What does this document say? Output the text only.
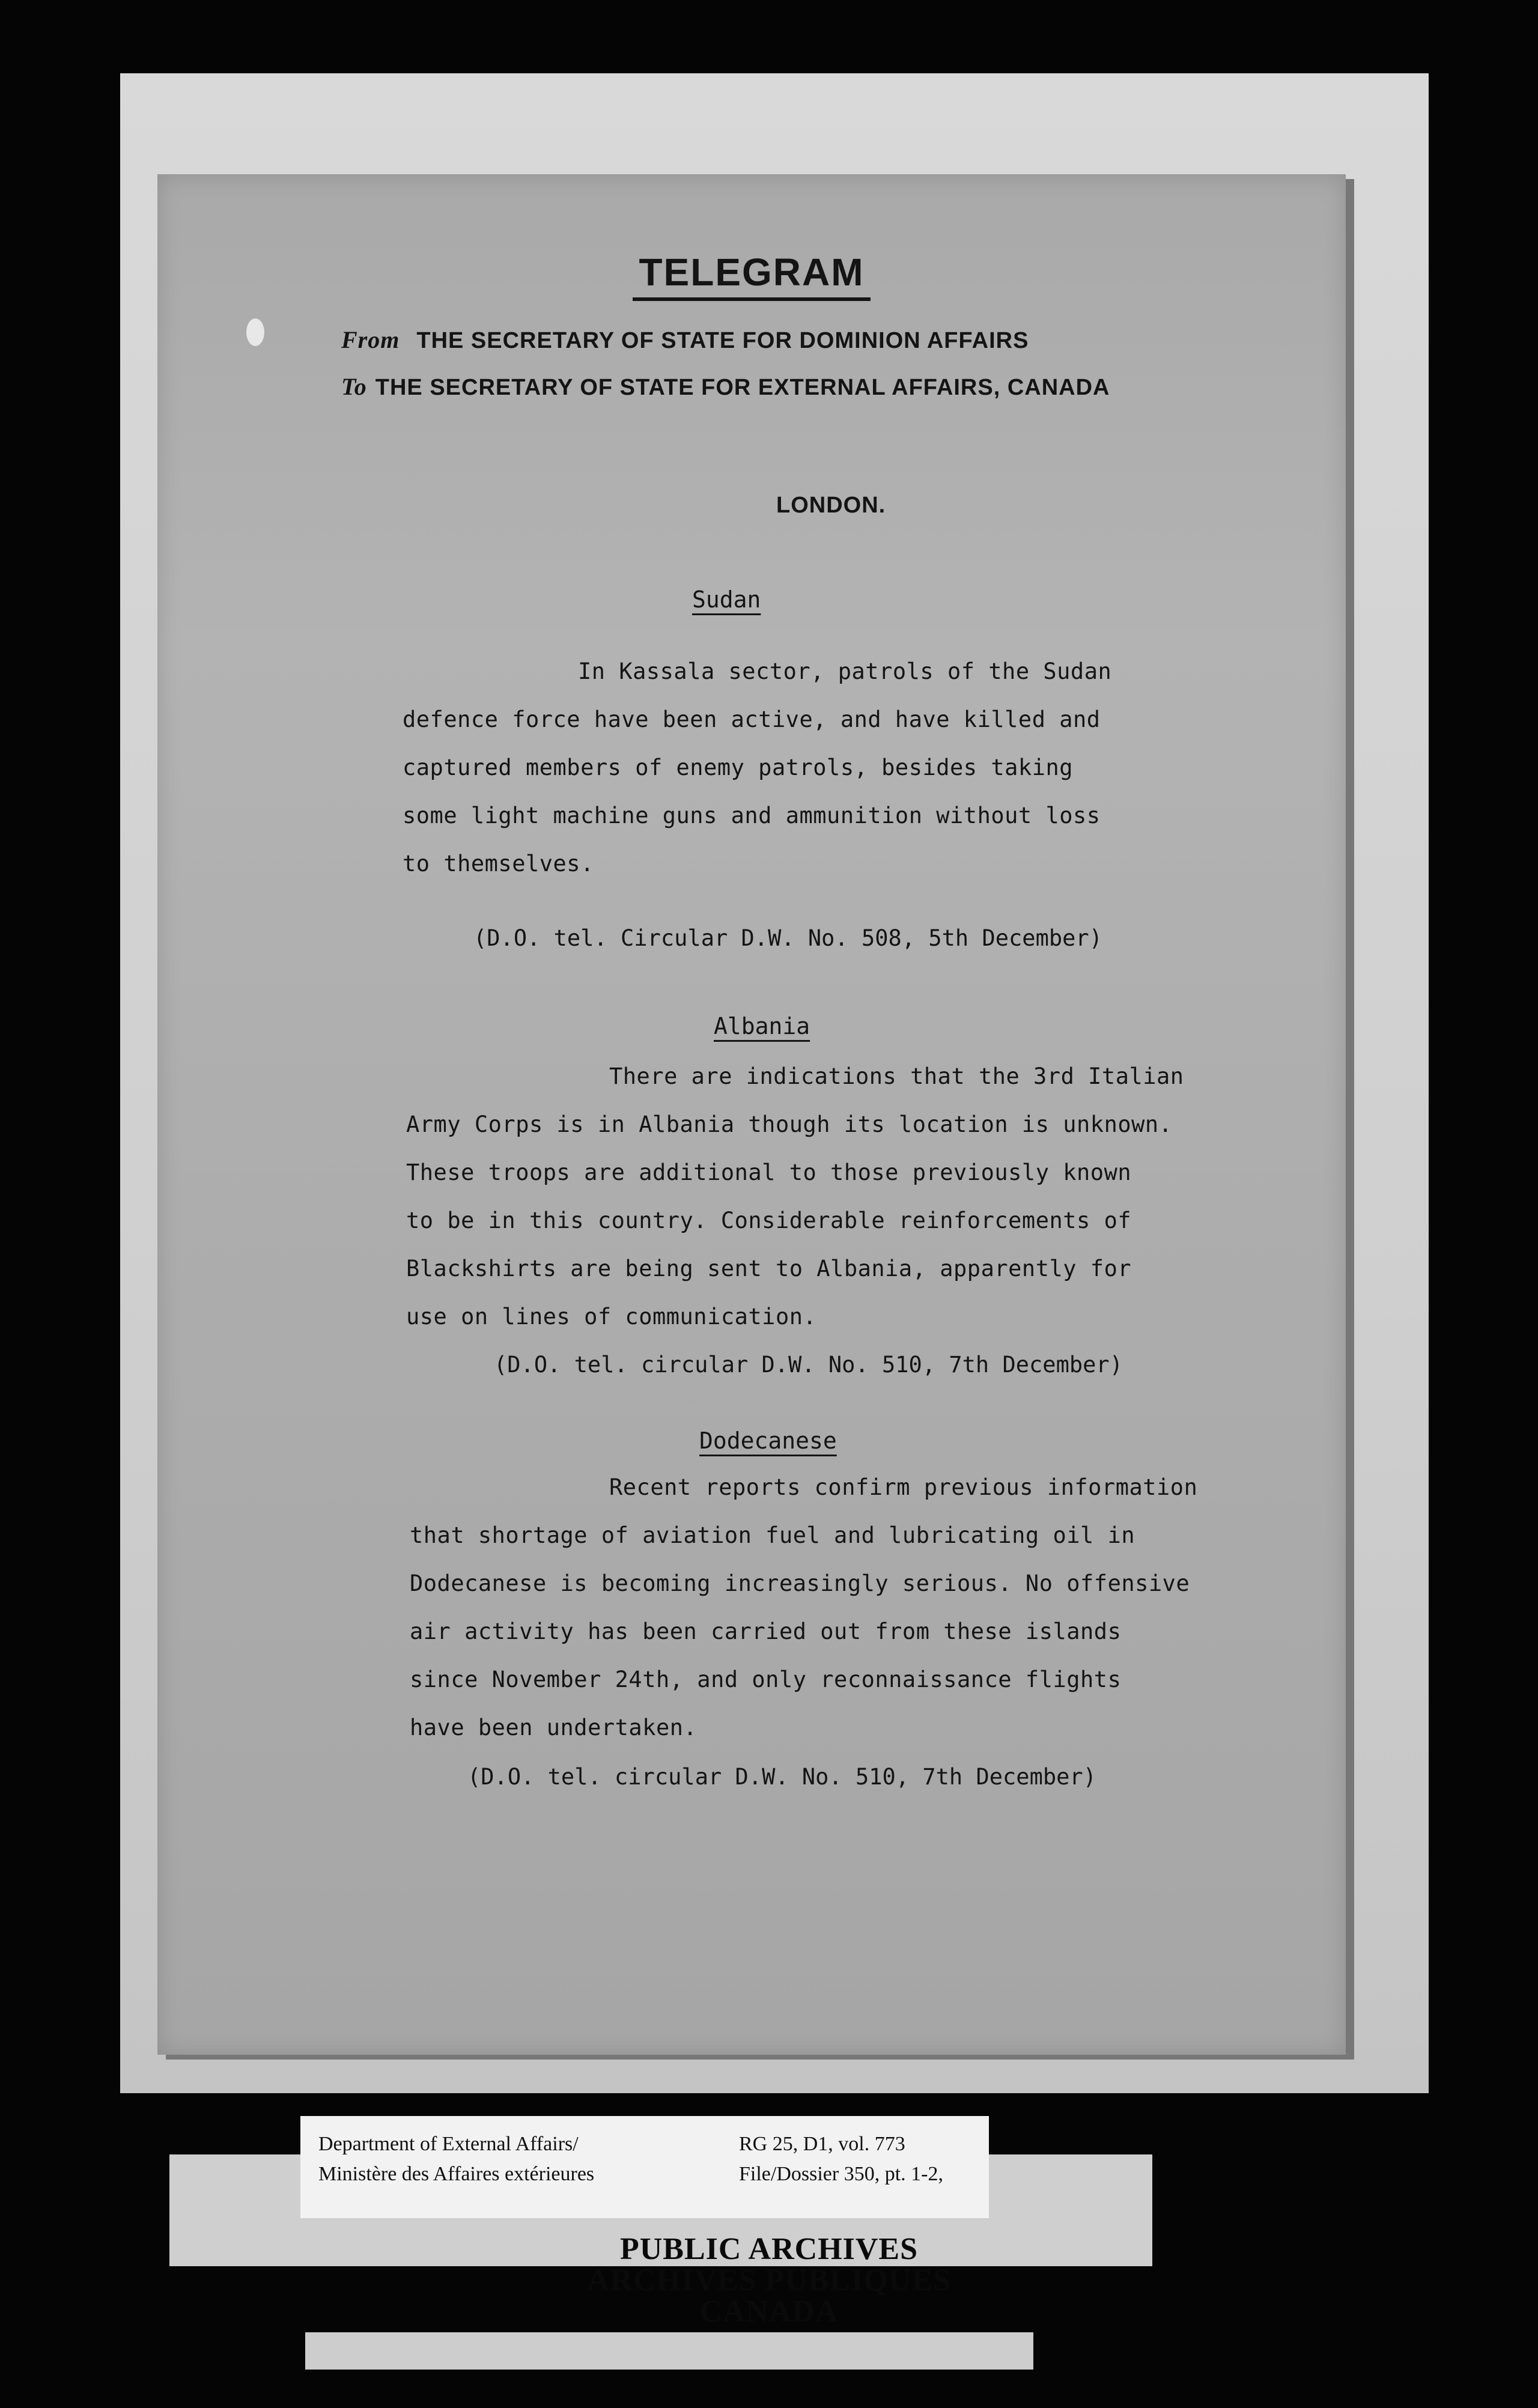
TELEGRAM
From THE SECRETARY OF STATE FOR DOMINION AFFAIRS
To THE SECRETARY OF STATE FOR EXTERNAL AFFAIRS, CANADA
LONDON.
Sudan
In Kassala sector, patrols of the Sudan
defence force have been active, and have killed and
captured members of enemy patrols, besides taking
some light machine guns and ammunition without loss
to themselves.
(D.O. tel. Circular D.W. No. 508, 5th December)
Albania
There are indications that the 3rd Italian
Army Corps is in Albania though its location is unknown.
These troops are additional to those previously known
to be in this country. Considerable reinforcements of
Blackshirts are being sent to Albania, apparently for
use on lines of communication.
(D.O. tel. circular D.W. No. 510, 7th December)
Dodecanese
Recent reports confirm previous information
that shortage of aviation fuel and lubricating oil in
Dodecanese is becoming increasingly serious. No offensive
air activity has been carried out from these islands
since November 24th, and only reconnaissance flights
have been undertaken.
(D.O. tel. circular D.W. No. 510, 7th December)
Department of External Affairs/
Ministère des Affaires extérieures
RG 25, D1, vol. 773
File/Dossier 350, pt. 1-2,
PUBLIC ARCHIVES
ARCHIVES PUBLIQUES
CANADA
